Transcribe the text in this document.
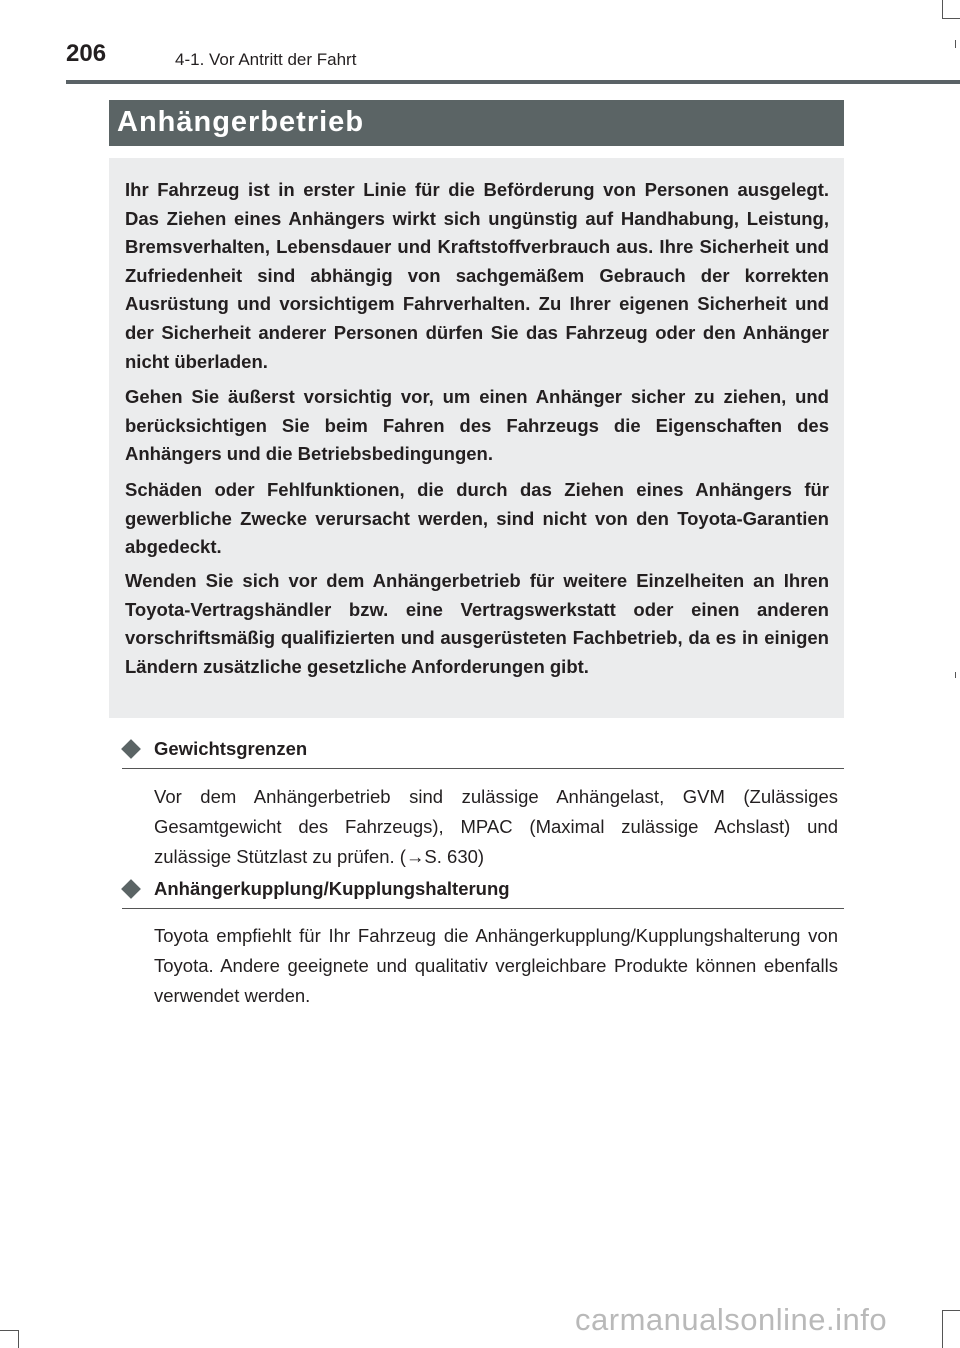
206	4-1. Vor Antritt der Fahrt
Anhängerbetrieb

Ihr Fahrzeug ist in erster Linie für die Beförderung von Personen ausgelegt. Das Ziehen eines Anhängers wirkt sich ungünstig auf Handhabung, Leistung, Bremsverhalten, Lebensdauer und Kraftstoffverbrauch aus. Ihre Sicherheit und Zufriedenheit sind abhängig von sachgemäßem Gebrauch der korrekten Ausrüstung und vorsichtigem Fahrverhalten. Zu Ihrer eigenen Sicherheit und der Sicherheit anderer Personen dürfen Sie das Fahrzeug oder den Anhänger nicht überladen.

Gehen Sie äußerst vorsichtig vor, um einen Anhänger sicher zu ziehen, und berücksichtigen Sie beim Fahren des Fahrzeugs die Eigenschaften des Anhängers und die Betriebsbedingungen.

Schäden oder Fehlfunktionen, die durch das Ziehen eines Anhängers für gewerbliche Zwecke verursacht werden, sind nicht von den Toyota-Garantien abgedeckt.

Wenden Sie sich vor dem Anhängerbetrieb für weitere Einzelheiten an Ihren Toyota-Vertragshändler bzw. eine Vertragswerkstatt oder einen anderen vorschriftsmäßig qualifizierten und ausgerüsteten Fachbetrieb, da es in einigen Ländern zusätzliche gesetzliche Anforderungen gibt.

Gewichtsgrenzen

Vor dem Anhängerbetrieb sind zulässige Anhängelast, GVM (Zulässiges Gesamtgewicht des Fahrzeugs), MPAC (Maximal zulässige Achslast) und zulässige Stützlast zu prüfen. (→S. 630)

Anhängerkupplung/Kupplungshalterung

Toyota empfiehlt für Ihr Fahrzeug die Anhängerkupplung/Kupplungshalterung von Toyota. Andere geeignete und qualitativ vergleichbare Produkte können ebenfalls verwendet werden.

carmanualsonline.info
